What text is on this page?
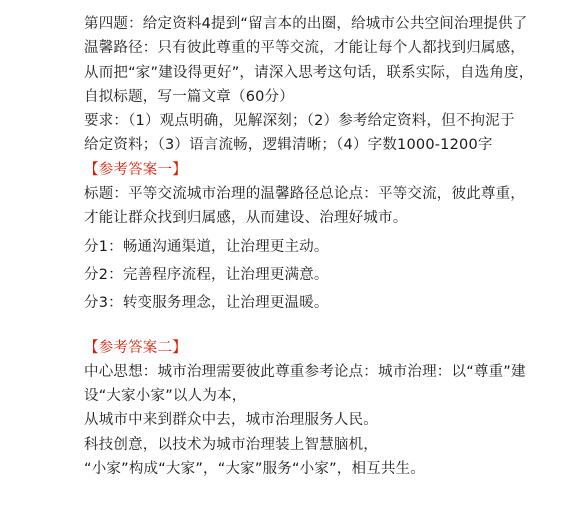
第四题：给定资料4提到“留言本的出圈，给城市公共空间治理提供了
温馨路径：只有彼此尊重的平等交流，才能让每个人都找到归属感，
从而把“家”建设得更好”，请深入思考这句话，联系实际，自选角度，
自拟标题，写一篇文章（60分）
要求：（1）观点明确，见解深刻；（2）参考给定资料，但不拘泥于
给定资料；（3）语言流畅，逻辑清晰；（4）字数1000-1200字
【参考答案一】
标题：平等交流城市治理的温馨路径总论点：平等交流，彼此尊重，
才能让群众找到归属感，从而建设、治理好城市。
分1：畅通沟通渠道，让治理更主动。
分2：完善程序流程，让治理更满意。
分3：转变服务理念，让治理更温暖。
【参考答案二】
中心思想：城市治理需要彼此尊重参考论点：城市治理：以“尊重”建
设“大家小家”以人为本，
从城市中来到群众中去，城市治理服务人民。
科技创意，以技术为城市治理装上智慧脑机，
“小家”构成“大家”，“大家”服务“小家”，相互共生。
